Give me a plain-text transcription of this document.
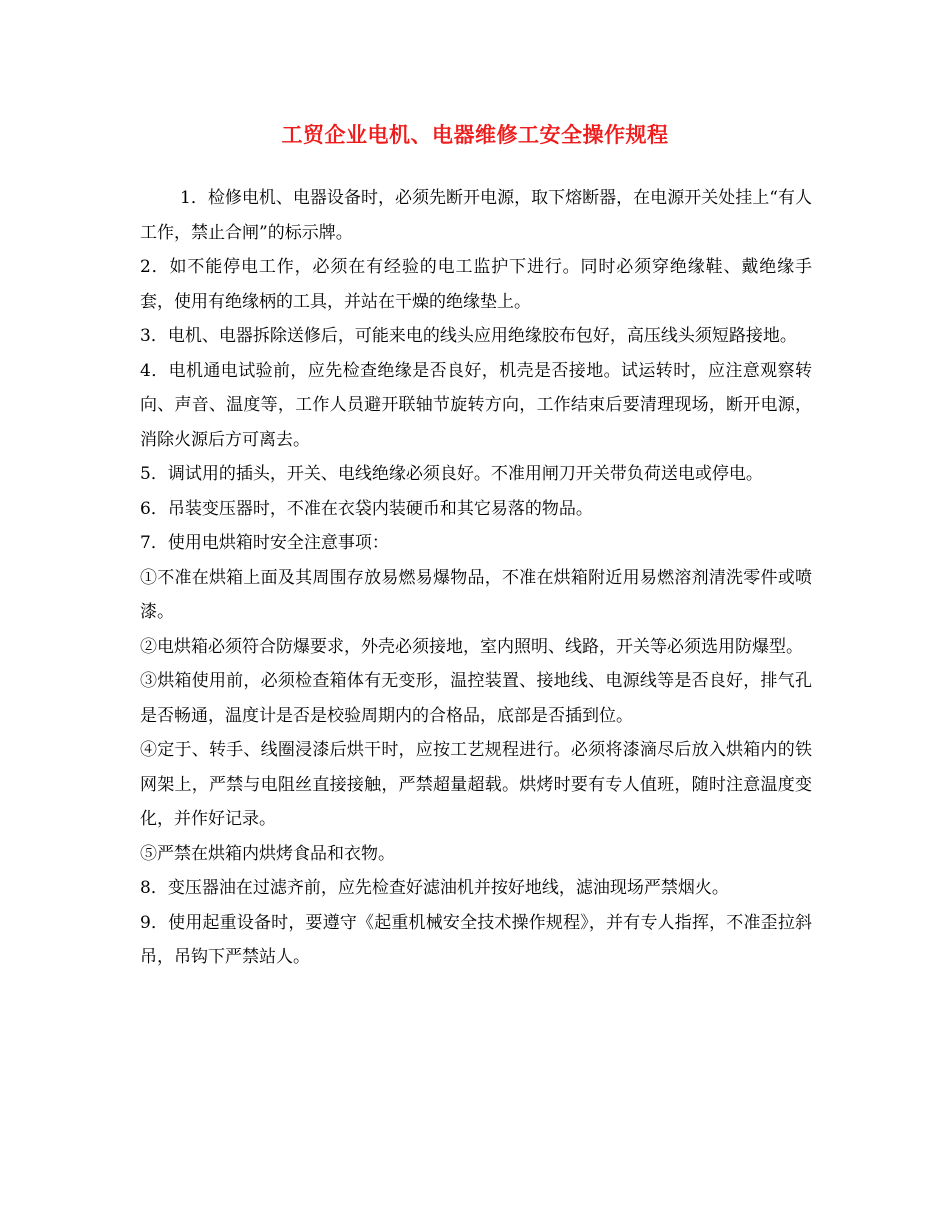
工贸企业电机、电器维修工安全操作规程

1．检修电机、电器设备时，必须先断开电源，取下熔断器，在电源开关处挂上“有人工作，禁止合闸”的标示牌。

2．如不能停电工作，必须在有经验的电工监护下进行。同时必须穿绝缘鞋、戴绝缘手套，使用有绝缘柄的工具，并站在干燥的绝缘垫上。

3．电机、电器拆除送修后，可能来电的线头应用绝缘胶布包好，高压线头须短路接地。

4．电机通电试验前，应先检查绝缘是否良好，机壳是否接地。试运转时，应注意观察转向、声音、温度等，工作人员避开联轴节旋转方向，工作结束后要清理现场，断开电源，消除火源后方可离去。

5．调试用的插头，开关、电线绝缘必须良好。不准用闸刀开关带负荷送电或停电。

6．吊装变压器时，不准在衣袋内装硬币和其它易落的物品。

7．使用电烘箱时安全注意事项：

①不准在烘箱上面及其周围存放易燃易爆物品，不准在烘箱附近用易燃溶剂清洗零件或喷漆。

②电烘箱必须符合防爆要求，外壳必须接地，室内照明、线路，开关等必须选用防爆型。

③烘箱使用前，必须检查箱体有无变形，温控装置、接地线、电源线等是否良好，排气孔是否畅通，温度计是否是校验周期内的合格品，底部是否插到位。

④定于、转手、线圈浸漆后烘干时，应按工艺规程进行。必须将漆滴尽后放入烘箱内的铁网架上，严禁与电阻丝直接接触，严禁超量超载。烘烤时要有专人值班，随时注意温度变化，并作好记录。

⑤严禁在烘箱内烘烤食品和衣物。

8．变压器油在过滤齐前，应先检查好滤油机并按好地线，滤油现场严禁烟火。

9．使用起重设备时，要遵守《起重机械安全技术操作规程》，并有专人指挥，不准歪拉斜吊，吊钩下严禁站人。
